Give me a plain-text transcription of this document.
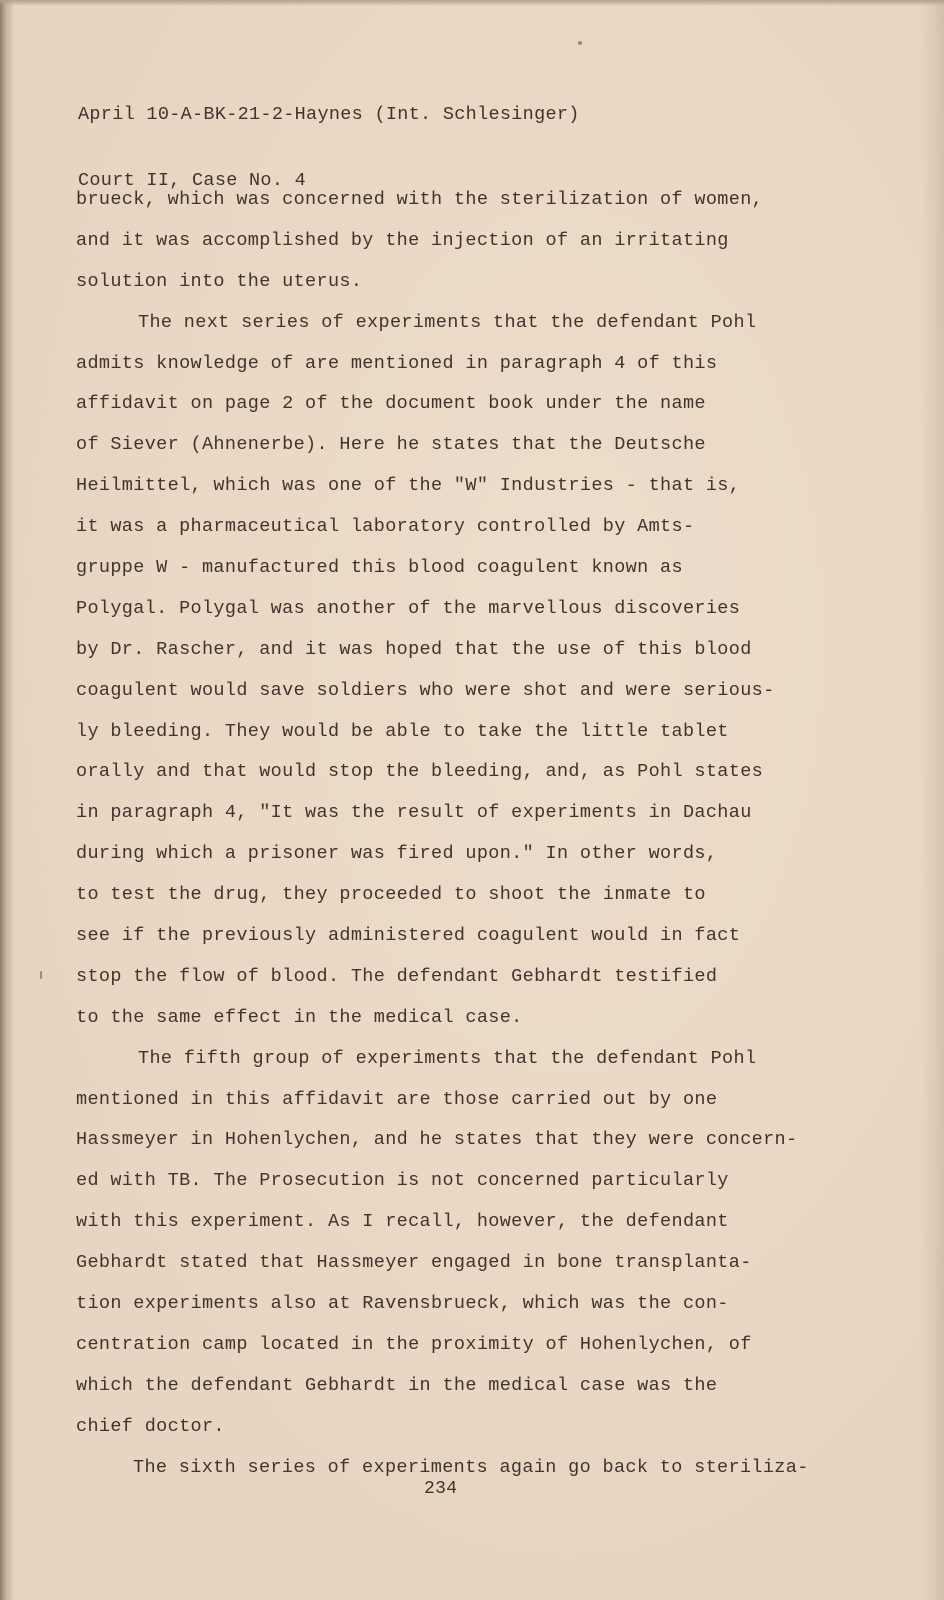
April 10-A-BK-21-2-Haynes (Int. Schlesinger)

Court II, Case No. 4

brueck, which was concerned with the sterilization of women,
and it was accomplished by the injection of an irritating
solution into the uterus.
The next series of experiments that the defendant Pohl
admits knowledge of are mentioned in paragraph 4 of this
affidavit on page 2 of the document book under the name
of Siever (Ahnenerbe). Here he states that the Deutsche
Heilmittel, which was one of the "W" Industries - that is,
it was a pharmaceutical laboratory controlled by Amts-
gruppe W - manufactured this blood coagulent known as
Polygal. Polygal was another of the marvellous discoveries
by Dr. Rascher, and it was hoped that the use of this blood
coagulent would save soldiers who were shot and were serious-
ly bleeding. They would be able to take the little tablet
orally and that would stop the bleeding, and, as Pohl states
in paragraph 4, "It was the result of experiments in Dachau
during which a prisoner was fired upon." In other words,
to test the drug, they proceeded to shoot the inmate to
see if the previously administered coagulent would in fact
stop the flow of blood. The defendant Gebhardt testified
to the same effect in the medical case.
The fifth group of experiments that the defendant Pohl
mentioned in this affidavit are those carried out by one
Hassmeyer in Hohenlychen, and he states that they were concern-
ed with TB. The Prosecution is not concerned particularly
with this experiment. As I recall, however, the defendant
Gebhardt stated that Hassmeyer engaged in bone transplanta-
tion experiments also at Ravensbrueck, which was the con-
centration camp located in the proximity of Hohenlychen, of
which the defendant Gebhardt in the medical case was the
chief doctor.
The sixth series of experiments again go back to steriliza-
234
